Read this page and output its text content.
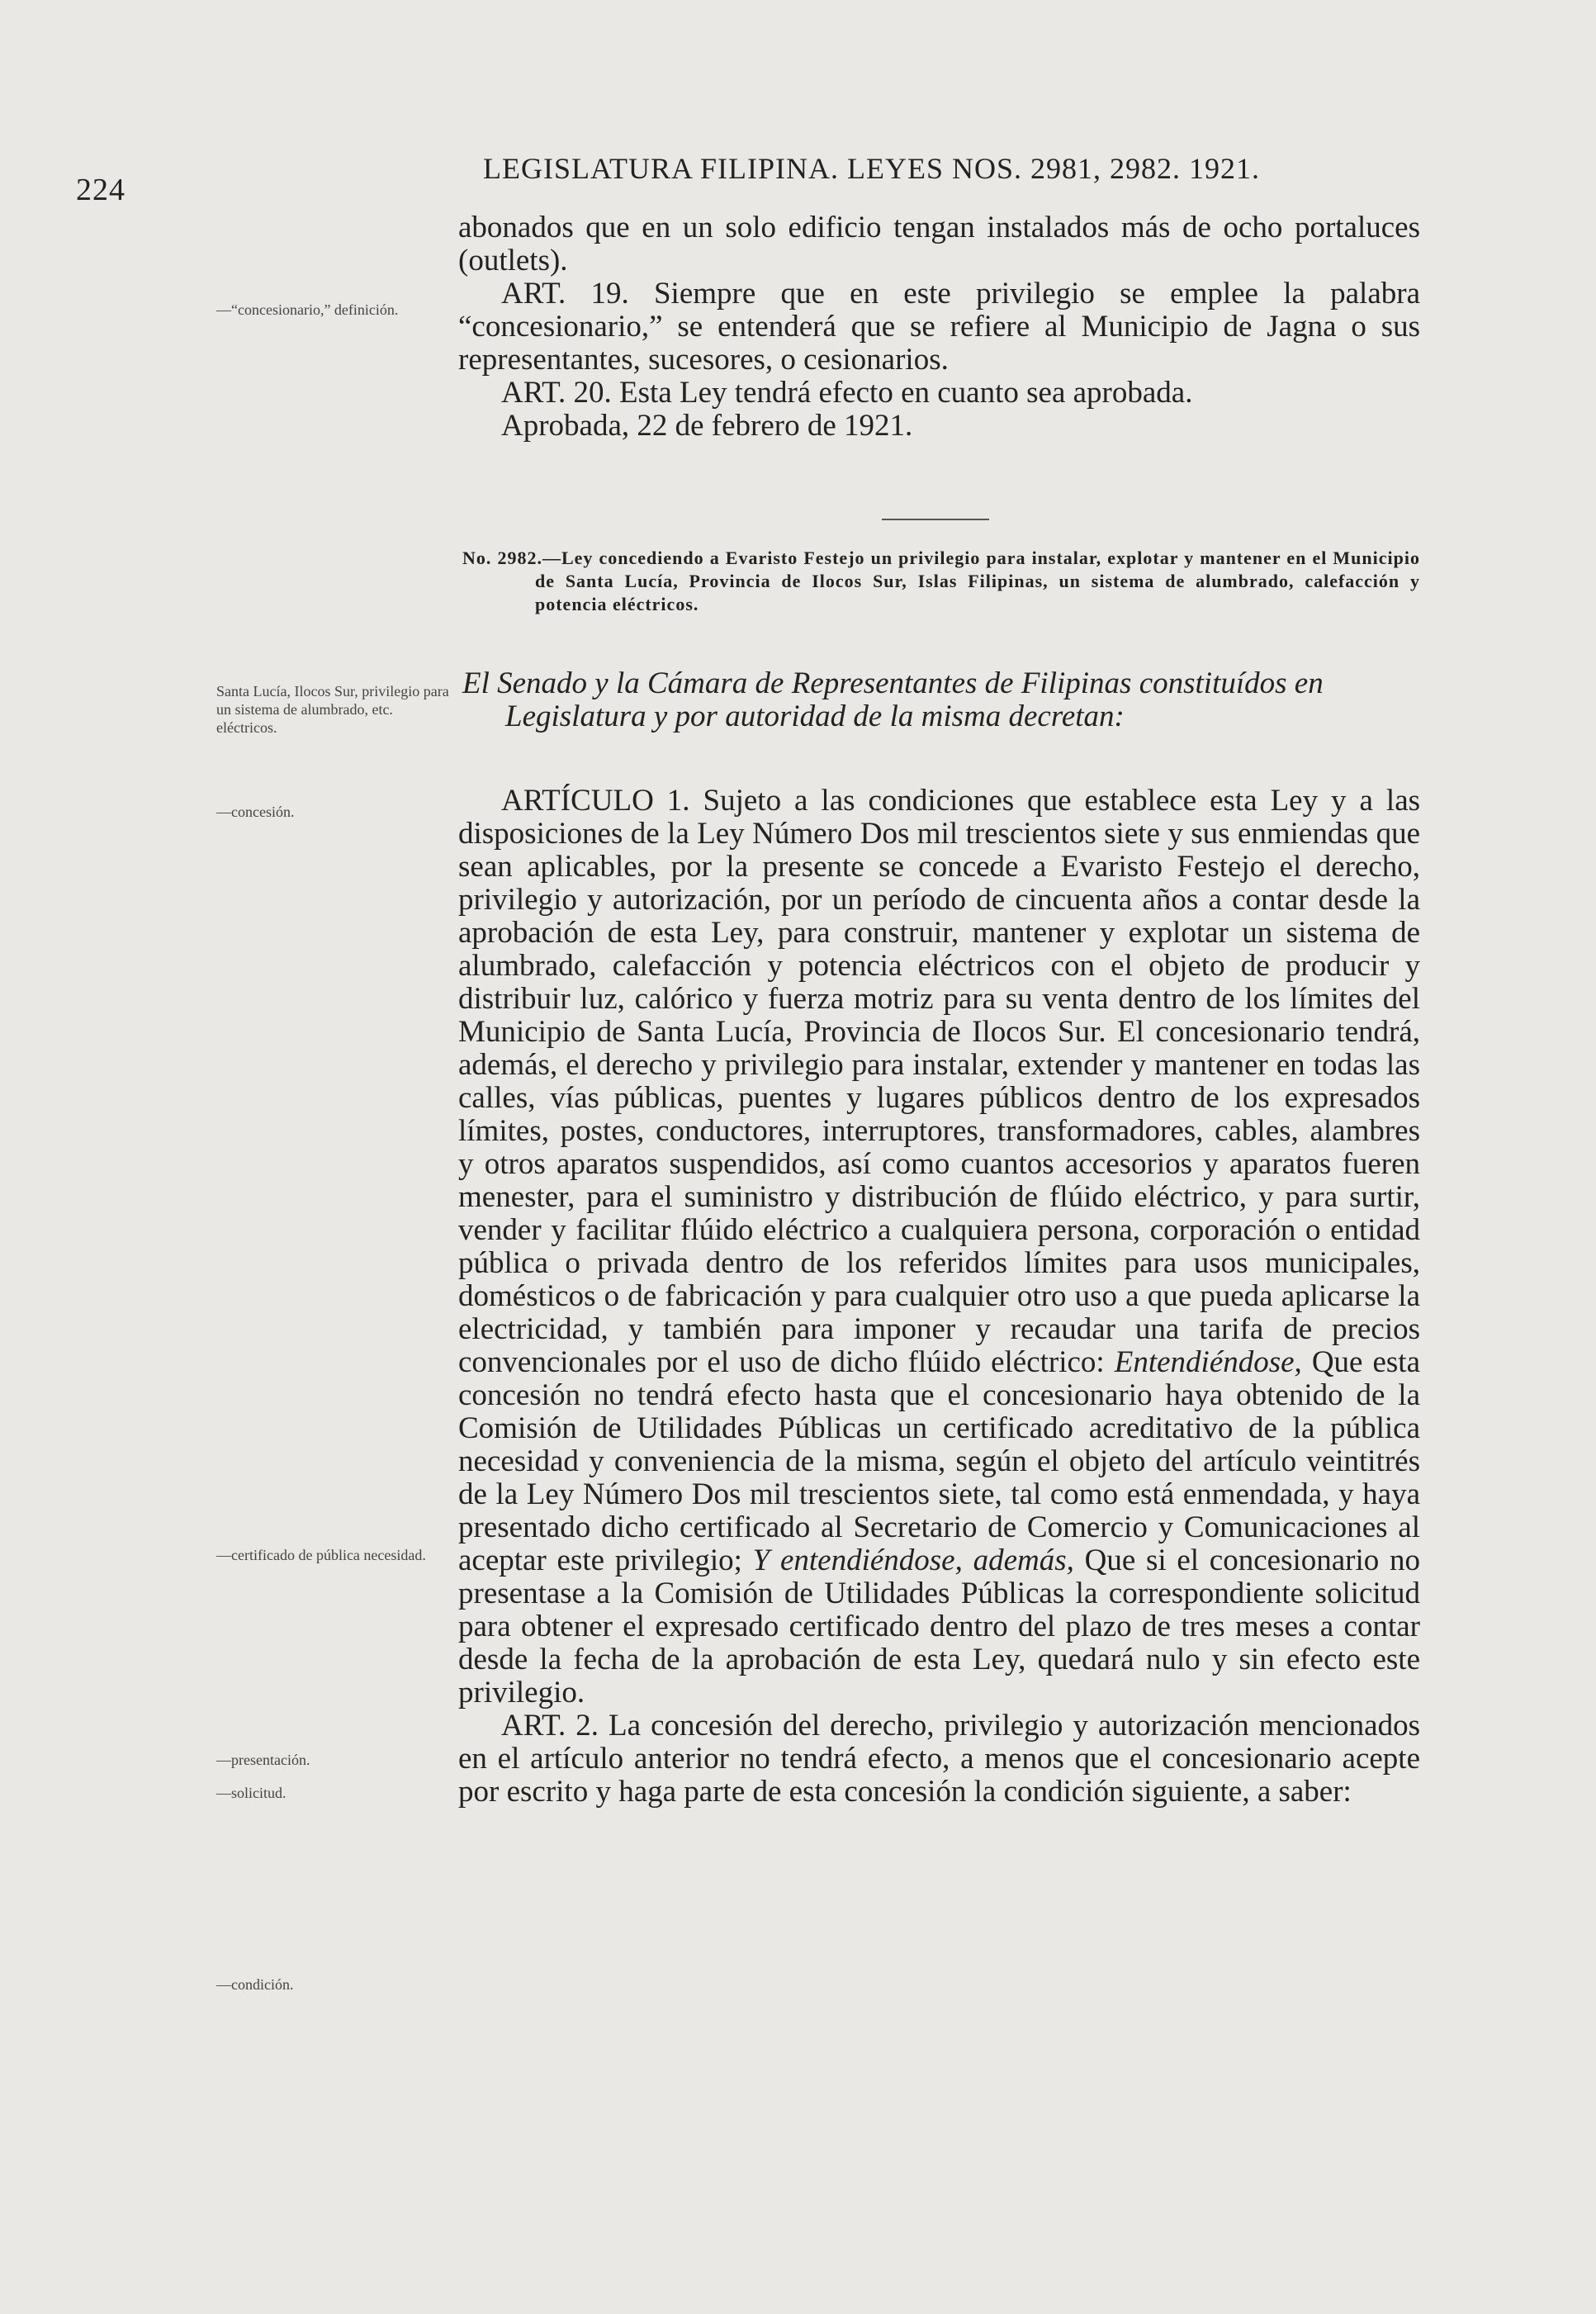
224
LEGISLATURA FILIPINA. LEYES NOS. 2981, 2982. 1921.
—“concesionario,” definición.
Santa Lucía, Ilocos Sur, privilegio para un sistema de alumbrado, etc. eléctricos.
—concesión.
—certificado de pública necesidad.
—presentación.
—solicitud.
—condición.

abonados que en un solo edificio tengan instalados más de ocho portaluces (outlets).

ART. 19. Siempre que en este privilegio se emplee la palabra “concesionario,” se entenderá que se refiere al Municipio de Jagna o sus representantes, sucesores, o cesionarios.

ART. 20. Esta Ley tendrá efecto en cuanto sea aprobada.

Aprobada, 22 de febrero de 1921.

No. 2982.—Ley concediendo a Evaristo Festejo un privilegio para instalar, explotar y mantener en el Municipio de Santa Lucía, Provincia de Ilocos Sur, Islas Filipinas, un sistema de alumbrado, calefacción y potencia eléctricos.
El Senado y la Cámara de Representantes de Filipinas constituídos en Legislatura y por autoridad de la misma decretan:

ARTÍCULO 1. Sujeto a las condiciones que establece esta Ley y a las disposiciones de la Ley Número Dos mil trescientos siete y sus enmiendas que sean aplicables, por la presente se concede a Evaristo Festejo el derecho, privilegio y autorización, por un período de cincuenta años a contar desde la aprobación de esta Ley, para construir, mantener y explotar un sistema de alumbrado, calefacción y potencia eléctricos con el objeto de producir y distribuir luz, calórico y fuerza motriz para su venta dentro de los límites del Municipio de Santa Lucía, Provincia de Ilocos Sur. El concesionario tendrá, además, el derecho y privilegio para instalar, extender y mantener en todas las calles, vías públicas, puentes y lugares públicos dentro de los expresados límites, postes, conductores, interruptores, transformadores, cables, alambres y otros aparatos suspendidos, así como cuantos accesorios y aparatos fueren menester, para el suministro y distribución de flúido eléctrico, y para surtir, vender y facilitar flúido eléctrico a cualquiera persona, corporación o entidad pública o privada dentro de los referidos límites para usos municipales, domésticos o de fabricación y para cualquier otro uso a que pueda aplicarse la electricidad, y también para imponer y recaudar una tarifa de precios convencionales por el uso de dicho flúido eléctrico: Entendiéndose, Que esta concesión no tendrá efecto hasta que el concesionario haya obtenido de la Comisión de Utilidades Públicas un certificado acreditativo de la pública necesidad y conveniencia de la misma, según el objeto del artículo veintitrés de la Ley Número Dos mil trescientos siete, tal como está enmendada, y haya presentado dicho certificado al Secretario de Comercio y Comunicaciones al aceptar este privilegio; Y entendiéndose, además, Que si el concesionario no presentase a la Comisión de Utilidades Públicas la correspondiente solicitud para obtener el expresado certificado dentro del plazo de tres meses a contar desde la fecha de la aprobación de esta Ley, quedará nulo y sin efecto este privilegio.

ART. 2. La concesión del derecho, privilegio y autorización mencionados en el artículo anterior no tendrá efecto, a menos que el concesionario acepte por escrito y haga parte de esta concesión la condición siguiente, a saber:
